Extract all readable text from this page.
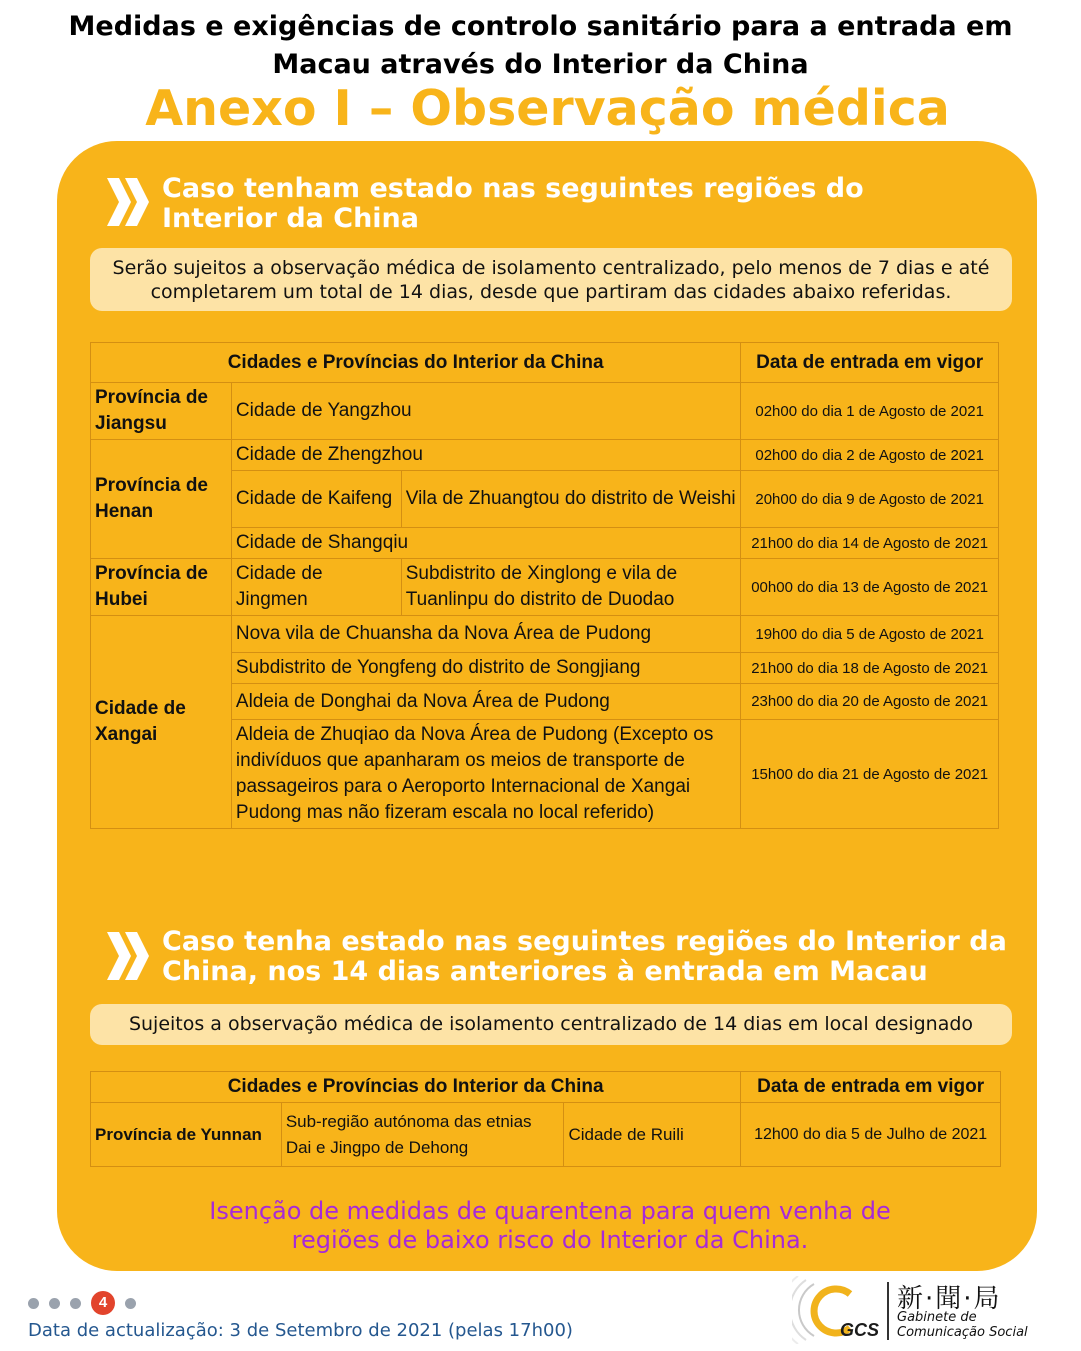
Medidas e exigências de controlo sanitário para a entrada em
Macau através do Interior da China
Anexo I – Observação médica
Caso tenham estado nas seguintes regiões do
Interior da China
Serão sujeitos a observação médica de isolamento centralizado, pelo menos de 7 dias e até
completarem um total de 14 dias, desde que partiram das cidades abaixo referidas.
Cidades e Províncias do Interior da China			Data de entrada em vigor
Província de Jiangsu	Cidade de Yangzhou		02h00 do dia 1 de Agosto de 2021
Província de Henan	Cidade de Zhengzhou		02h00 do dia 2 de Agosto de 2021
	Cidade de Kaifeng	Vila de Zhuangtou do distrito de Weishi	20h00 do dia 9 de Agosto de 2021
	Cidade de Shangqiu		21h00 do dia 14 de Agosto de 2021
Província de Hubei	Cidade de Jingmen	Subdistrito de Xinglong e vila de Tuanlinpu do distrito de Duodao	00h00 do dia 13 de Agosto de 2021
Cidade de Xangai	Nova vila de Chuansha da Nova Área de Pudong		19h00 do dia 5 de Agosto de 2021
	Subdistrito de Yongfeng do distrito de Songjiang		21h00 do dia 18 de Agosto de 2021
	Aldeia de Donghai da Nova Área de Pudong		23h00 do dia 20 de Agosto de 2021
	Aldeia de Zhuqiao da Nova Área de Pudong (Excepto os indivíduos que apanharam os meios de transporte de passageiros para o Aeroporto Internacional de Xangai Pudong mas não fizeram escala no local referido)		15h00 do dia 21 de Agosto de 2021
Caso tenha estado nas seguintes regiões do Interior da
China, nos 14 dias anteriores à entrada em Macau
Sujeitos a observação médica de isolamento centralizado de 14 dias em local designado
Cidades e Províncias do Interior da China			Data de entrada em vigor
Província de Yunnan	Sub-região autónoma das etnias Dai e Jingpo de Dehong	Cidade de Ruili	12h00 do dia 5 de Julho de 2021
Isenção de medidas de quarentena para quem venha de
regiões de baixo risco do Interior da China.
4
Data de actualização: 3 de Setembro de 2021 (pelas 17h00)	GCS
新·聞·局
Gabinete de
Comunicação Social
